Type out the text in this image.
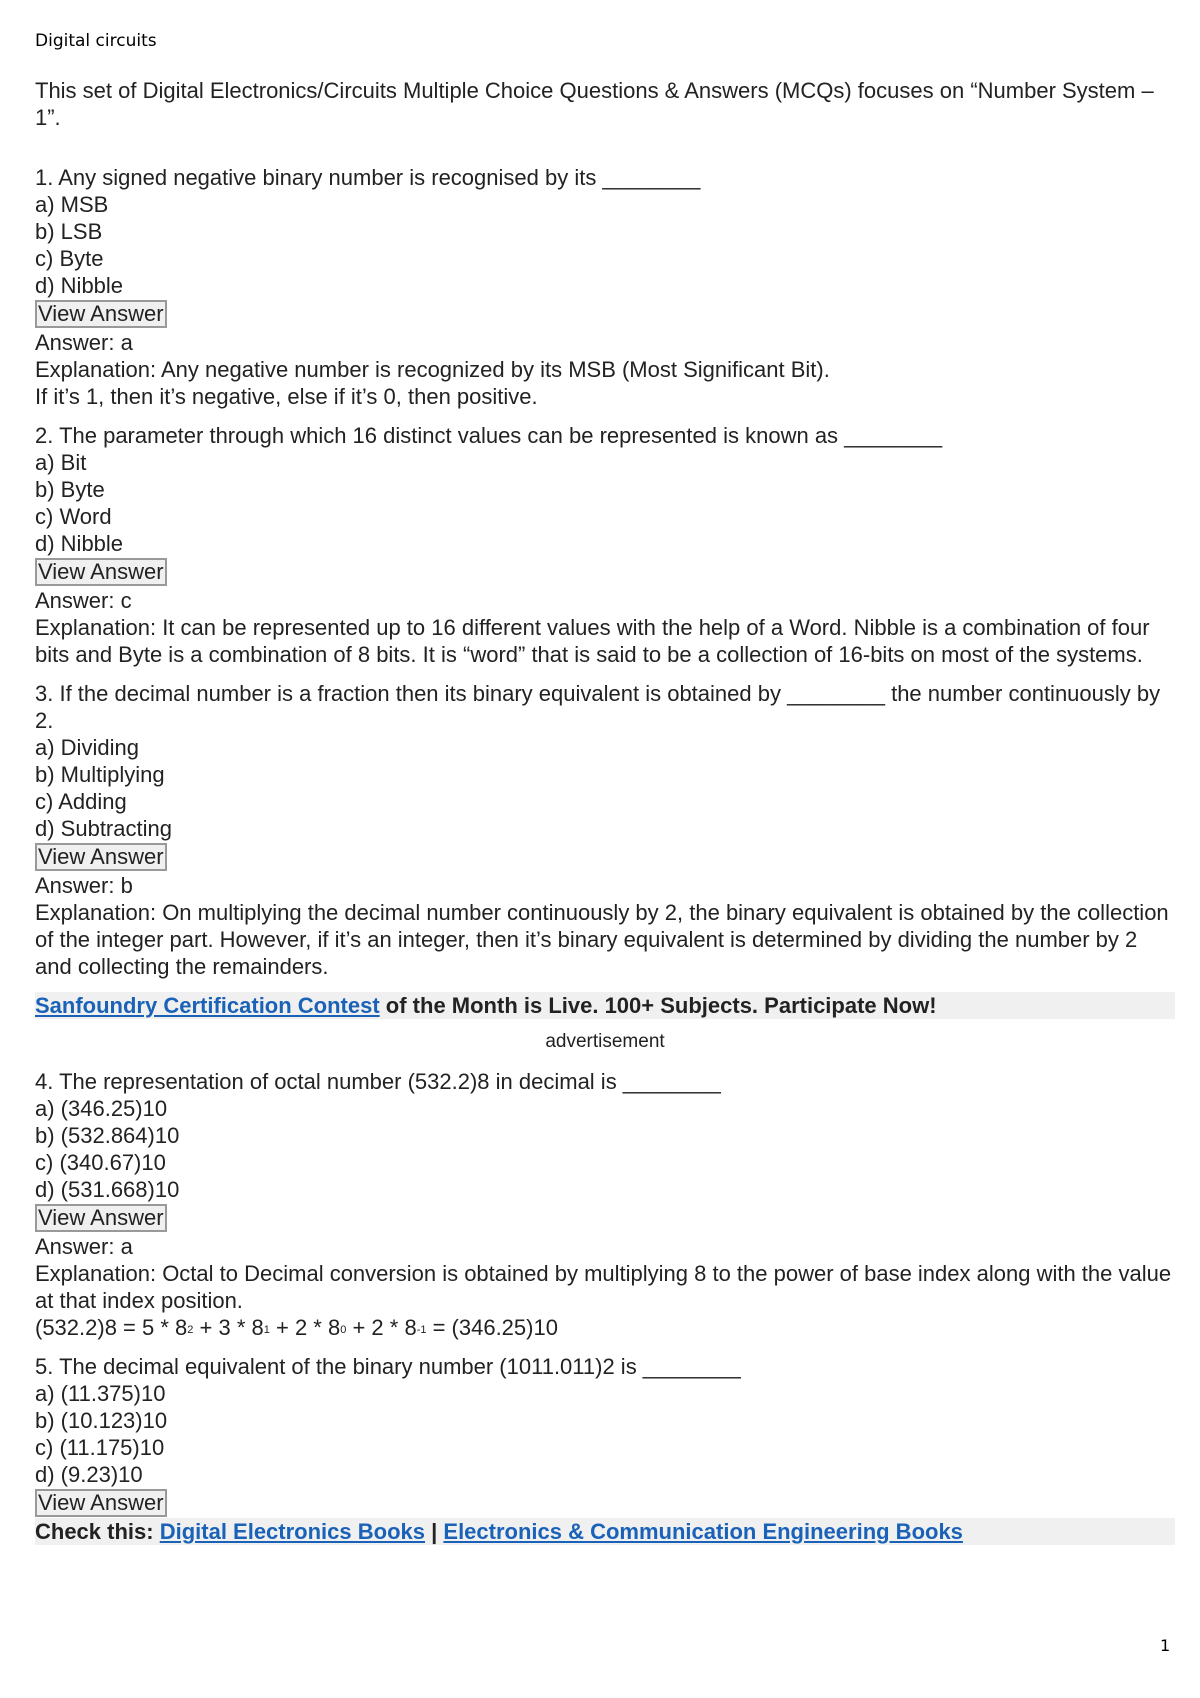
Digital circuits
This set of Digital Electronics/Circuits Multiple Choice Questions & Answers (MCQs) focuses on “Number System – 1”.

1. Any signed negative binary number is recognised by its ________

a) MSB

b) LSB

c) Byte

d) Nibble

View Answer

Answer: a

Explanation: Any negative number is recognized by its MSB (Most Significant Bit).

If it’s 1, then it’s negative, else if it’s 0, then positive.

2. The parameter through which 16 distinct values can be represented is known as ________

a) Bit

b) Byte

c) Word

d) Nibble

View Answer

Answer: c

Explanation: It can be represented up to 16 different values with the help of a Word. Nibble is a combination of four bits and Byte is a combination of 8 bits. It is “word” that is said to be a collection of 16-bits on most of the systems.

3. If the decimal number is a fraction then its binary equivalent is obtained by ________ the number continuously by 2.

a) Dividing

b) Multiplying

c) Adding

d) Subtracting

View Answer

Answer: b

Explanation: On multiplying the decimal number continuously by 2, the binary equivalent is obtained by the collection of the integer part. However, if it’s an integer, then it’s binary equivalent is determined by dividing the number by 2 and collecting the remainders.

Sanfoundry Certification Contest of the Month is Live. 100+ Subjects. Participate Now!
advertisement

4. The representation of octal number (532.2)8 in decimal is ________

a) (346.25)10

b) (532.864)10

c) (340.67)10

d) (531.668)10

View Answer

Answer: a

Explanation: Octal to Decimal conversion is obtained by multiplying 8 to the power of base index along with the value at that index position.

$(532.2)8 = 5 * 8^2 + 3 * 8^1 + 2 * 8^0 + 2 * 8^{-1} = (346.25)10$

5. The decimal equivalent of the binary number (1011.011)2 is ________

a) (11.375)10

b) (10.123)10

c) (11.175)10

d) (9.23)10

View Answer
Check this: Digital Electronics Books | Electronics & Communication Engineering Books
1
